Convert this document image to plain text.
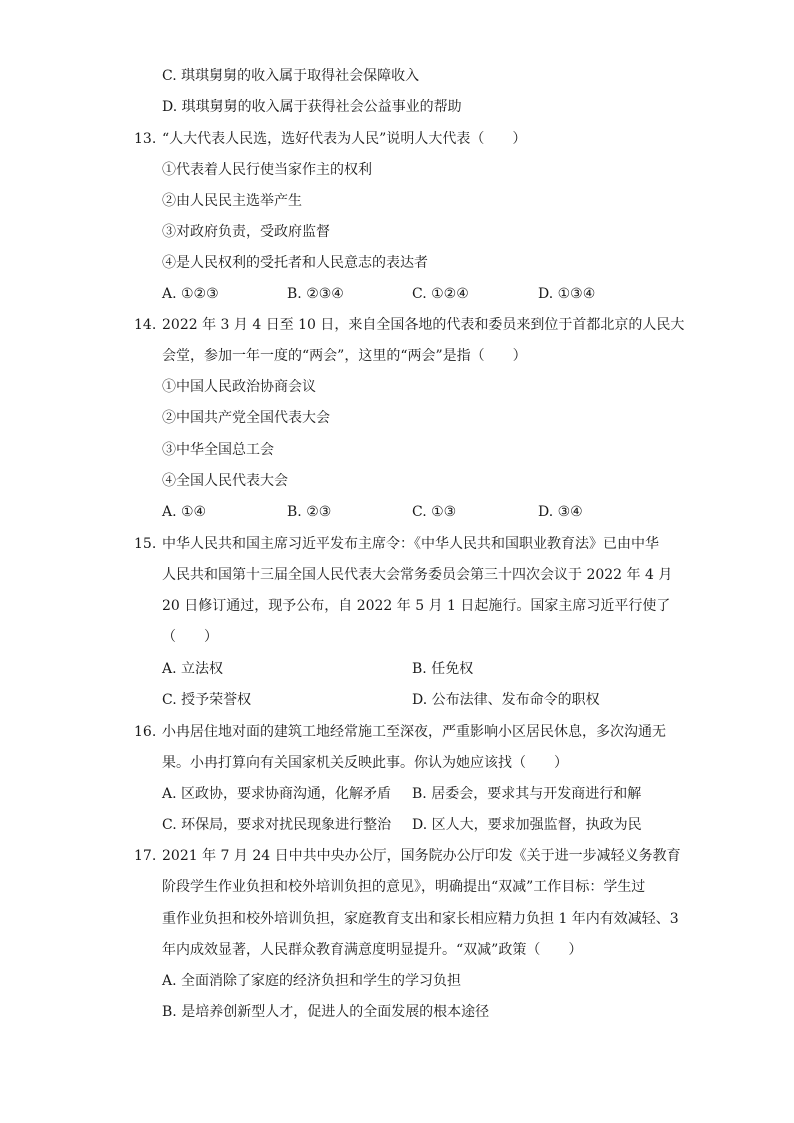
C. 琪琪舅舅的收入属于取得社会保障收入
D. 琪琪舅舅的收入属于获得社会公益事业的帮助
13. “人大代表人民选，选好代表为人民”说明人大代表（　　）
①代表着人民行使当家作主的权利
②由人民民主选举产生
③对政府负责，受政府监督
④是人民权利的受托者和人民意志的表达者
A. ①②③	B. ②③④	C. ①②④	D. ①③④
14. 2022 年 3 月 4 日至 10 日，来自全国各地的代表和委员来到位于首都北京的人民大
会堂，参加一年一度的“两会”，这里的“两会”是指（　　）
①中国人民政治协商会议
②中国共产党全国代表大会
③中华全国总工会
④全国人民代表大会
A. ①④	B. ②③	C. ①③	D. ③④
15. 中华人民共和国主席习近平发布主席令：《中华人民共和国职业教育法》已由中华
人民共和国第十三届全国人民代表大会常务委员会第三十四次会议于 2022 年 4 月
20 日修订通过，现予公布，自 2022 年 5 月 1 日起施行。国家主席习近平行使了
（　　）
A. 立法权	B. 任免权
C. 授予荣誉权	D. 公布法律、发布命令的职权
16. 小冉居住地对面的建筑工地经常施工至深夜，严重影响小区居民休息，多次沟通无
果。小冉打算向有关国家机关反映此事。你认为她应该找（　　）
A. 区政协，要求协商沟通，化解矛盾 B. 居委会，要求其与开发商进行和解
C. 环保局，要求对扰民现象进行整治 D. 区人大，要求加强监督，执政为民
17. 2021 年 7 月 24 日中共中央办公厅，国务院办公厅印发《关于进一步减轻义务教育
阶段学生作业负担和校外培训负担的意见》，明确提出“双减”工作目标：学生过
重作业负担和校外培训负担，家庭教育支出和家长相应精力负担 1 年内有效减轻、3
年内成效显著，人民群众教育满意度明显提升。“双减”政策（　　）
A. 全面消除了家庭的经济负担和学生的学习负担
B. 是培养创新型人才，促进人的全面发展的根本途径
